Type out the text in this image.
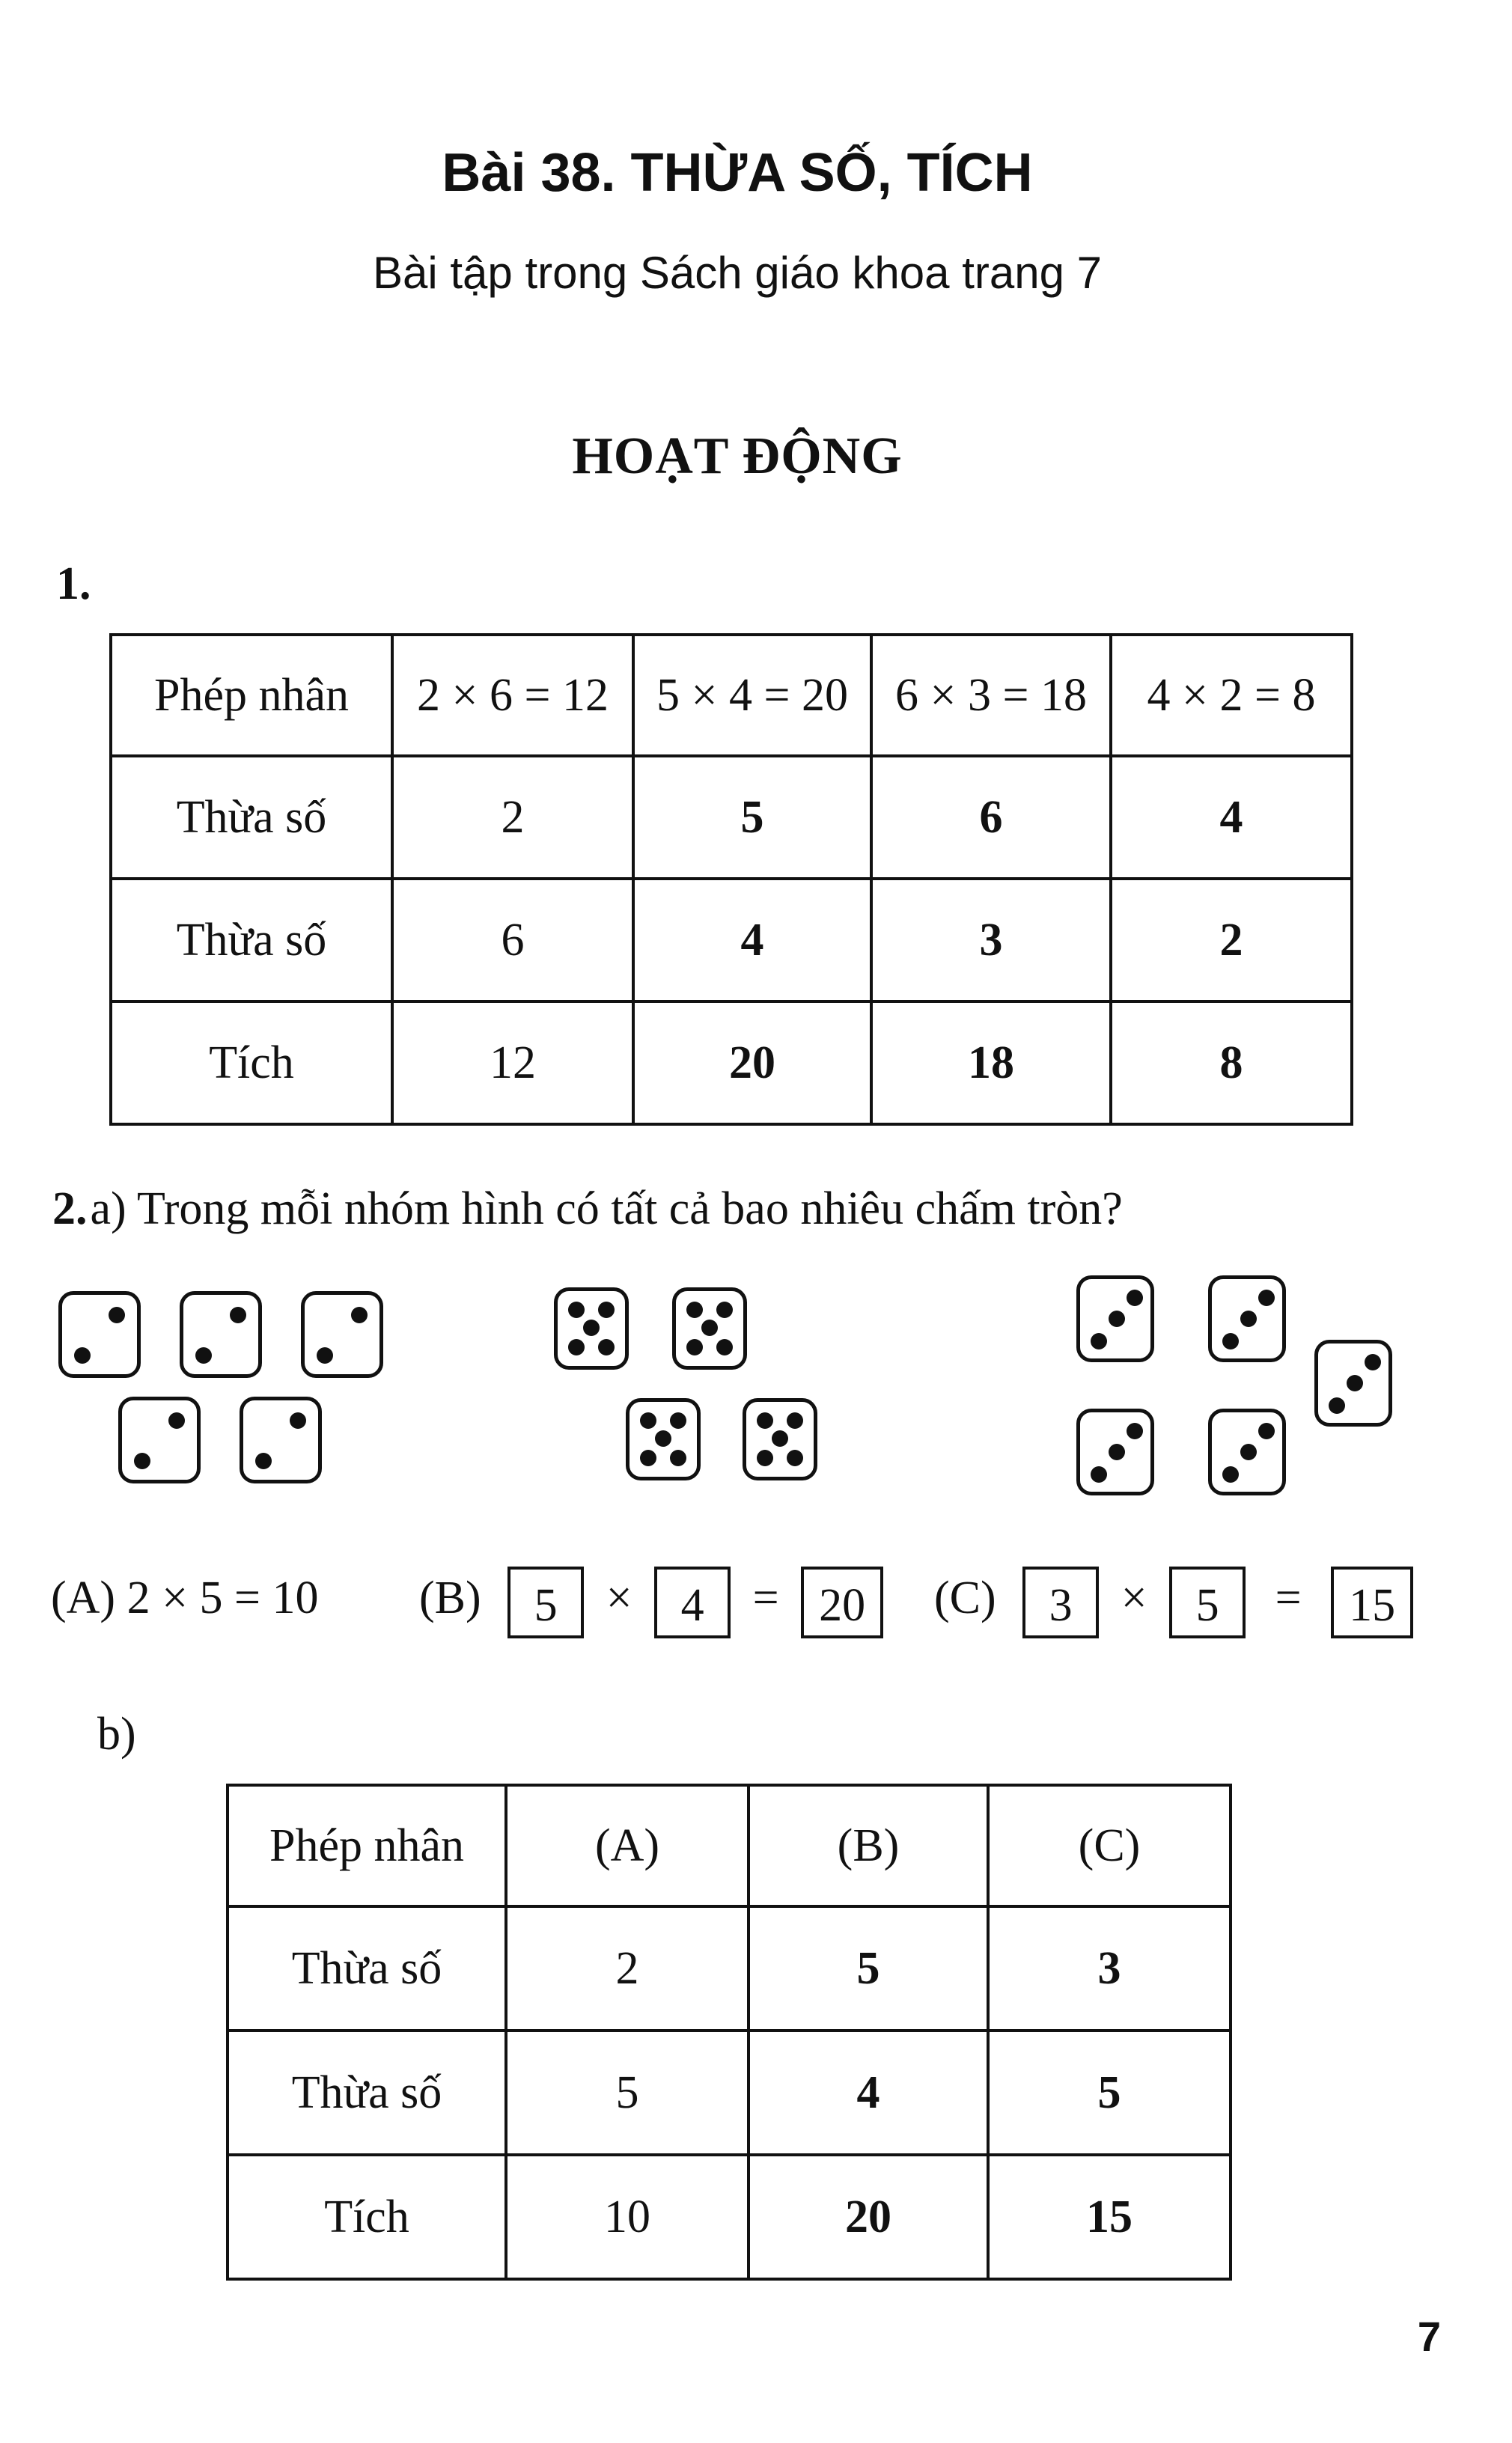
Bài 38. THỪA SỐ, TÍCH
Bài tập trong Sách giáo khoa trang 7
HOẠT ĐỘNG
1.
Phép nhân	2 × 6 = 12	5 × 4 = 20	6 × 3 = 18	4 × 2 = 8
Thừa số	2	5	6	4
Thừa số	6	4	3	2
Tích	12	20	18	8
2. a) Trong mỗi nhóm hình có tất cả bao nhiêu chấm tròn?
(A) 2 × 5 = 10 (B) 5 × 4 = 20	(C) 3 × 5 = 15
b)
Phép nhân	(A)	(B)	(C)
Thừa số	2	5	3
Thừa số	5	4	5
Tích	10	20	15
7
